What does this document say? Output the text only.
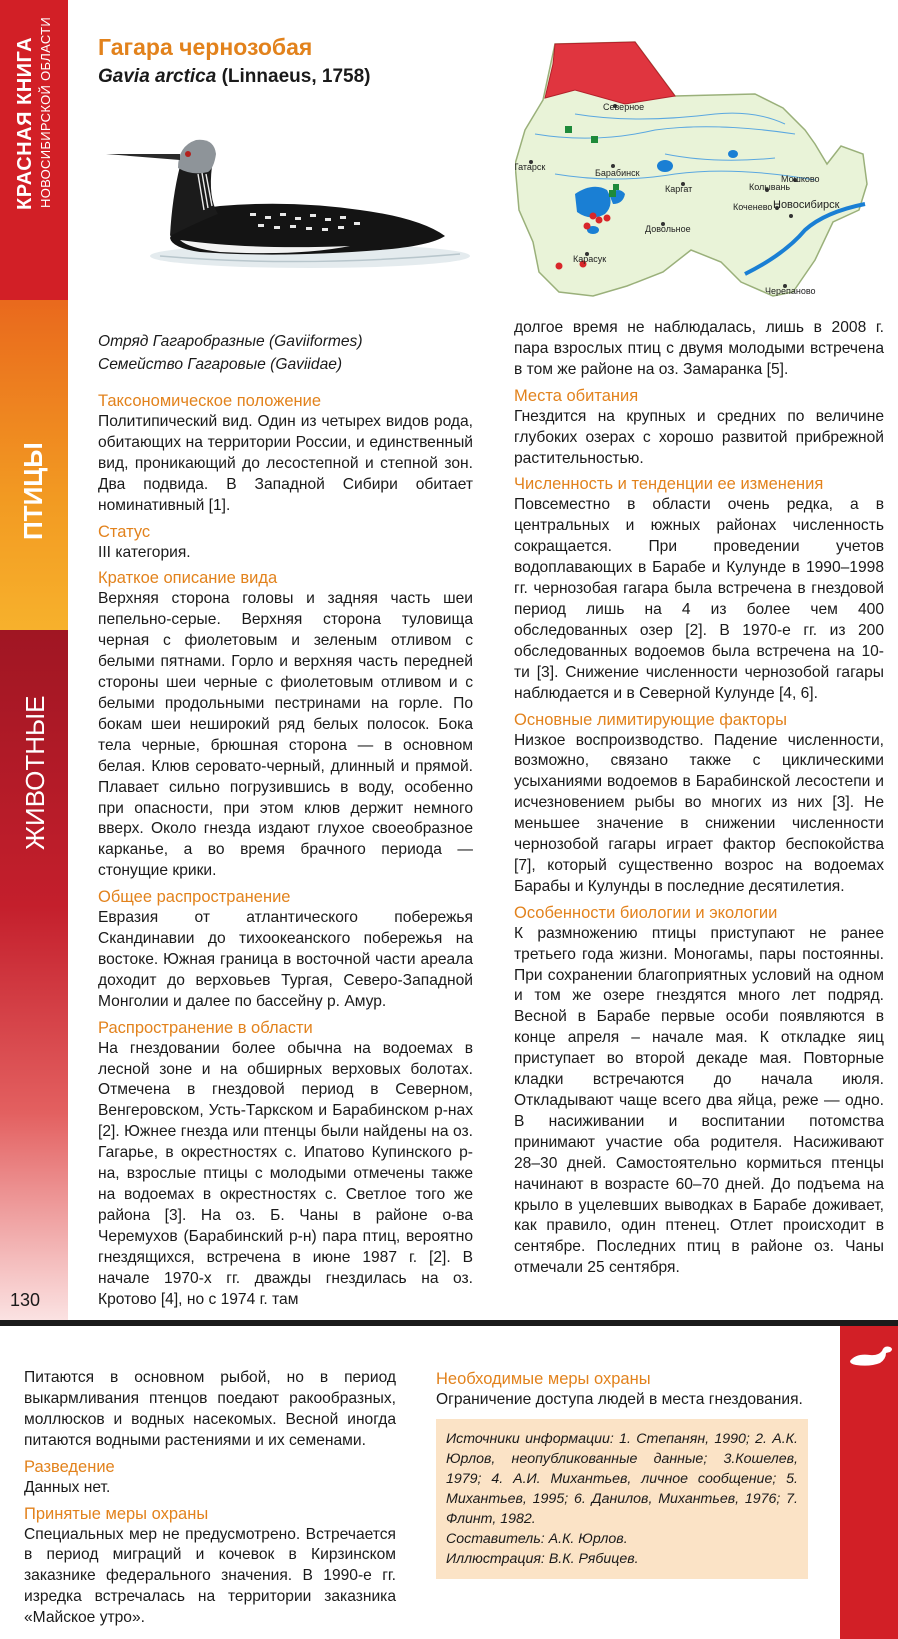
КРАСНАЯ КНИГА НОВОСИБИРСКОЙ ОБЛАСТИ
ПТИЦЫ
ЖИВОТНЫЕ
130
Гагара чернозобая
Gavia arctica (Linnaeus, 1758)
Северное
Татарск
Барабинск
Каргат
Мошково
Колывань
Коченево Новосибирск
Довольное
Карасук
Черепаново

Отряд Гагаробразные (Gaviiformes)

Семейство Гагаровые (Gaviidae)

Таксономическое положение

Политипический вид. Один из четырех видов рода, обитающих на территории России, и единственный вид, проникающий до лесостепной и степной зон. Два подвида. В Западной Сибири обитает номинативный [1].

Статус

III категория.

Краткое описание вида

Верхняя сторона головы и задняя часть шеи пепельно-серые. Верхняя сторона туловища черная с фиолетовым и зеленым отливом с белыми пятнами. Горло и верхняя часть передней стороны шеи черные с фиолетовым отливом и с белыми продольными пестринами на горле. По бокам шеи неширокий ряд белых полосок. Бока тела черные, брюшная сторона — в основном белая. Клюв серовато-черный, длинный и прямой. Плавает сильно погрузившись в воду, особенно при опасности, при этом клюв держит немного вверх. Около гнезда издают глухое своеобразное карканье, а во время брачного периода — стонущие крики.

Общее распространение

Евразия от атлантического побережья Скандинавии до тихоокеанского побережья на востоке. Южная граница в восточной части ареала доходит до верховьев Тургая, Северо-Западной Монголии и далее по бассейну р. Амур.

Распространение в области

На гнездовании более обычна на водоемах в лесной зоне и на обширных верховых болотах. Отмечена в гнездовой период в Северном, Венгеровском, Усть-Таркском и Барабинском р-нах [2]. Южнее гнезда или птенцы были найдены на оз. Гагарье, в окрестностях с. Ипатово Купинского р-на, взрослые птицы с молодыми отмечены также на водоемах в окрестностях с. Светлое того же района [3]. На оз. Б. Чаны в районе о-ва Черемухов (Барабинский р-н) пара птиц, вероятно гнездящихся, встречена в июне 1987 г. [2]. В начале 1970-х гг. дважды гнездилась на оз. Кротово [4], но с 1974 г. там

долгое время не наблюдалась, лишь в 2008 г. пара взрослых птиц с двумя молодыми встречена в том же районе на оз. Замаранка [5].

Места обитания

Гнездится на крупных и средних по величине глубоких озерах с хорошо развитой прибрежной растительностью.

Численность и тенденции ее изменения

Повсеместно в области очень редка, а в центральных и южных районах численность сокращается. При проведении учетов водоплавающих в Барабе и Кулунде в 1990–1998 гг. чернозобая гагара была встречена в гнездовой период лишь на 4 из более чем 400 обследованных озер [2]. В 1970-е гг. из 200 обследованных водоемов была встречена на 10-ти [3]. Снижение численности чернозобой гагары наблюдается и в Северной Кулунде [4, 6].

Основные лимитирующие факторы

Низкое воспроизводство. Падение численности, возможно, связано также с циклическими усыханиями водоемов в Барабинской лесостепи и исчезновением рыбы во многих из них [3]. Не меньшее значение в снижении численности чернозобой гагары играет фактор беспокойства [7], который существенно возрос на водоемах Барабы и Кулунды в последние десятилетия.

Особенности биологии и экологии

К размножению птицы приступают не ранее третьего года жизни. Моногамы, пары постоянны. При сохранении благоприятных условий на одном и том же озере гнездятся много лет подряд. Весной в Барабе первые особи появляются в конце апреля – начале мая. К откладке яиц приступает во второй декаде мая. Повторные кладки встречаются до начала июля. Откладывают чаще всего два яйца, реже — одно. В насиживании и воспитании потомства принимают участие оба родителя. Насиживают 28–30 дней. Самостоятельно кормиться птенцы начинают в возрасте 60–70 дней. До подъема на крыло в уцелевших выводках в Барабе доживает, как правило, один птенец. Отлет происходит в сентябре. Последних птиц в районе оз. Чаны отмечали 25 сентября.

Питаются в основном рыбой, но в период выкармливания птенцов поедают ракообразных, моллюсков и водных насекомых. Весной иногда питаются водными растениями и их семенами.

Разведение

Данных нет.

Принятые меры охраны

Специальных мер не предусмотрено. Встречается в период миграций и кочевок в Кирзинском заказнике федерального значения. В 1990-е гг. изредка встречалась на территории заказника «Майское утро».

Необходимые меры охраны

Ограничение доступа людей в места гнездования.

Источники информации: 1. Степанян, 1990; 2. А.К. Юрлов, неопубликованные данные; 3.Кошелев, 1979; 4. А.И. Михантьев, личное сообщение; 5. Михантьев, 1995; 6. Данилов, Михантьев, 1976; 7. Флинт, 1982.

Составитель: А.К. Юрлов.

Иллюстрация: В.К. Рябицев.
